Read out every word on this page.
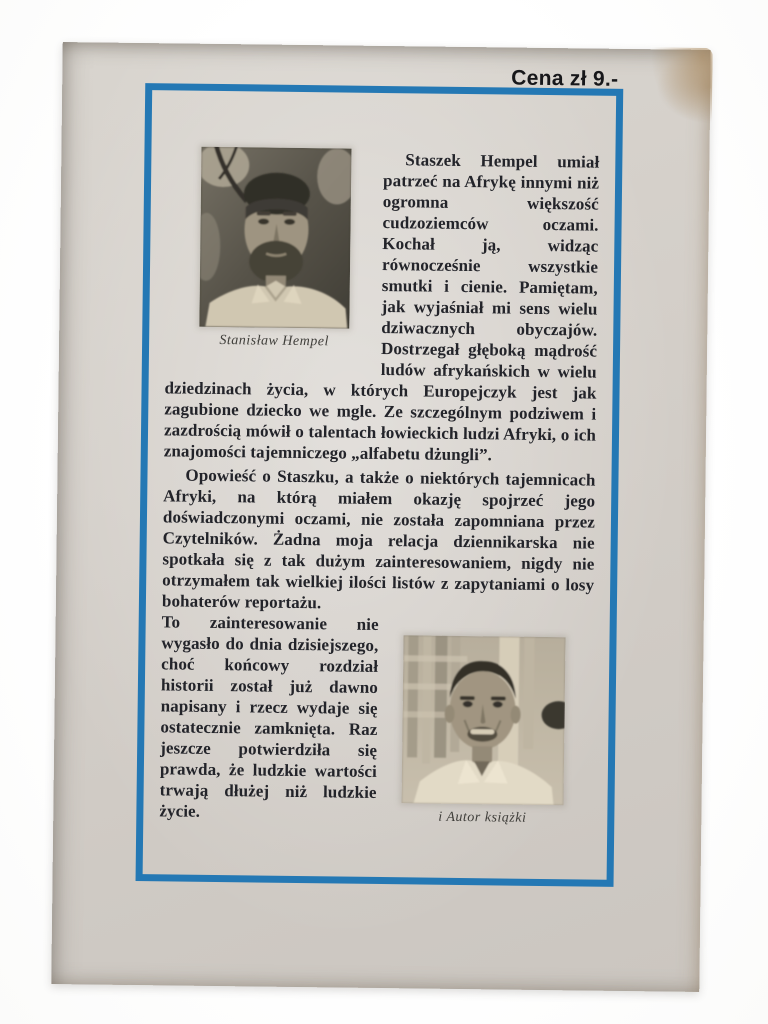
Cena zł 9.-
Stanisław Hempel

Staszek Hempel umiał patrzeć na Afrykę innymi niż ogromna większość cudzoziemców oczami. Kochał ją, widząc równocześnie wszystkie smutki i cienie. Pamiętam, jak wyjaśniał mi sens wielu dziwacznych obyczajów. Dostrzegał głęboką mądrość ludów afrykańskich w wielu dziedzinach życia, w których Europejczyk jest jak zagubione dziecko we mgle. Ze szczególnym podziwem i zazdrością mówił o talentach łowieckich ludzi Afryki, o ich znajomości tajemniczego „alfabetu dżungli”.

Opowieść o Staszku, a także o niektórych tajemnicach Afryki, na którą miałem okazję spojrzeć jego doświadczonymi oczami, nie została zapomniana przez Czytelników. Żadna moja relacja dziennikarska nie spotkała się z tak dużym zainteresowaniem, nigdy nie otrzymałem tak wielkiej ilości listów z zapytaniami o losy bohaterów reportażu.

i Autor książki

To zainteresowanie nie wygasło do dnia dzisiejszego, choć końcowy rozdział historii został już dawno napisany i rzecz wydaje się ostatecznie zamknięta. Raz jeszcze potwierdziła się prawda, że ludzkie wartości trwają dłużej niż ludzkie życie.
